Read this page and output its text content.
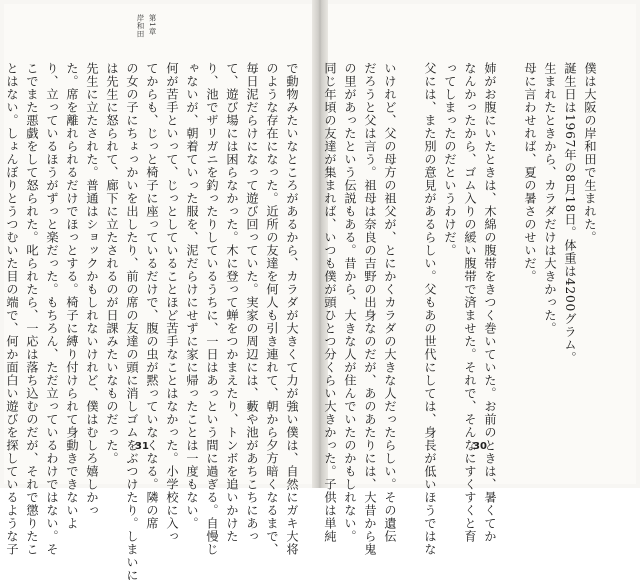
第1章
岸和田
で動物みたいなところがあるから、カラダが大きくて力が強い僕は、自然にガキ大将
のような存在になった。近所の友達を何人も引き連れて、朝から夕方暗くなるまで、
毎日泥だらけになって遊び回っていた。実家の周辺には、藪や池があちこちにあっ
て、遊び場には困らなかった。木に登って蝉をつかまえたり、トンボを追いかけた
り、池でザリガニを釣ったりしているうちに、一日はあっという間に過ぎる。自慢じ
ゃないが、朝着ていった服を、泥だらけにせずに家に帰ったことは一度もない。
何が苦手といって、じっとしていることほど苦手なことはなかった。小学校に入っ
てからも、じっと椅子に座っているだけで、腹の虫が黙っていなくなる。隣の席
の女の子にちょっかいを出したり、前の席の友達の頭に消しゴムをぶつけたり。しまいに
は先生に怒られて、廊下に立たされるのが日課みたいなものだった。
先生に立たされた。普通はショックかもしれないけれど、僕はむしろ嬉しかっ
た。席を離れられるだけでほっとする。椅子に縛り付けられて身動きできないよ
り、立っているほうがずっと楽だった。もちろん、ただ立っているわけではない。そ
こでまた悪戯をして怒られた。叱られたら、一応は落ち込むのだが、それで懲りたこ
とはない。しょんぼりとうつむいた目の端で、何か面白い遊びを探しているような子	僕は大阪の岸和田で生まれた。
誕生日は1967年の8月18日。体重は4200グラム。
生まれたときから、カラダだけは大きかった。
母に言わせれば、夏の暑さのせいだ。
姉がお腹にいたときは、木綿の腹帯をきつく巻いていた。お前のときは、暑くてか
なんかったから、ゴム入りの緩い腹帯で済ませた。それで、そんなにすくすくと育
ってしまったのだというわけだ。
父には、また別の意見があるらしい。父もあの世代にしては、身長が低いほうではな
いけれど、父の母方の祖父が、とにかくカラダの大きな人だったらしい。その遺伝
だろうと父は言う。祖母は奈良の吉野の出身なのだが、あのあたりには、大昔から鬼
の里があったという伝説もある。昔から、大きな人が住んでいたのかもしれない。
同じ年頃の友達が集まれば、いつも僕が頭ひとつ分くらい大きかった。子供は単純
31	30
